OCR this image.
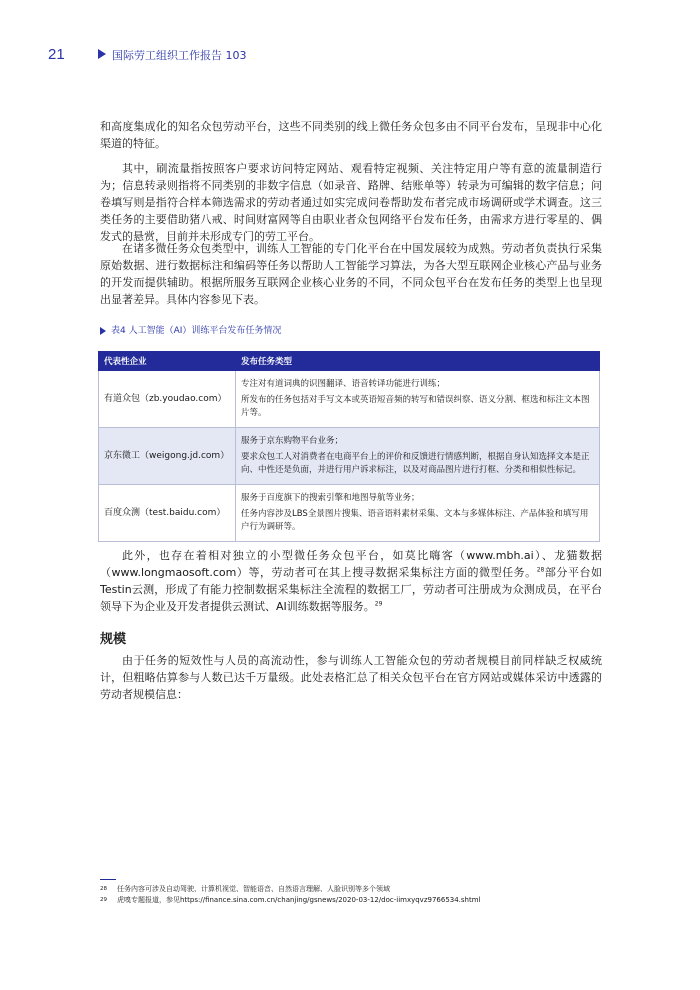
21	国际劳工组织工作报告 103

和高度集成化的知名众包劳动平台，这些不同类别的线上微任务众包多由不同平台发布，呈现非中心化渠道的特征。

其中，刷流量指按照客户要求访问特定网站、观看特定视频、关注特定用户等有意的流量制造行为；信息转录则指将不同类别的非数字信息（如录音、路牌、结账单等）转录为可编辑的数字信息；问卷填写则是指符合样本筛选需求的劳动者通过如实完成问卷帮助发布者完成市场调研或学术调查。这三类任务的主要借助猪八戒、时间财富网等自由职业者众包网络平台发布任务，由需求方进行零星的、偶发式的悬赏，目前并未形成专门的劳工平台。

在诸多微任务众包类型中，训练人工智能的专门化平台在中国发展较为成熟。劳动者负责执行采集原始数据、进行数据标注和编码等任务以帮助人工智能学习算法，为各大型互联网企业核心产品与业务的开发而提供辅助。根据所服务互联网企业核心业务的不同，不同众包平台在发布任务的类型上也呈现出显著差异。具体内容参见下表。

表4 人工智能（AI）训练平台发布任务情况
代表性企业	发布任务类型
有道众包（zb.youdao.com）	专注对有道词典的识图翻译、语音转译功能进行训练；

所发布的任务包括对手写文本或英语短音频的转写和错误纠察、语义分割、框选和标注文本图片等。

京东微工（weigong.jd.com）	服务于京东购物平台业务；

要求众包工人对消费者在电商平台上的评价和反馈进行情感判断，根据自身认知选择文本是正向、中性还是负面，并进行用户诉求标注，以及对商品图片进行打框、分类和相似性标记。

百度众测（test.baidu.com）	服务于百度旗下的搜索引擎和地图导航等业务；

任务内容涉及LBS全景图片搜集、语音语料素材采集、文本与多媒体标注、产品体验和填写用户行为调研等。

此外，也存在着相对独立的小型微任务众包平台，如莫比嗨客（www.mbh.ai）、龙猫数据（www.longmaosoft.com）等，劳动者可在其上搜寻数据采集标注方面的微型任务。$^{28}$部分平台如Testin云测，形成了有能力控制数据采集标注全流程的数据工厂，劳动者可注册成为众测成员，在平台领导下为企业及开发者提供云测试、AI训练数据等服务。$^{29}$

规模

由于任务的短效性与人员的高流动性，参与训练人工智能众包的劳动者规模目前同样缺乏权威统计，但粗略估算参与人数已达千万量级。此处表格汇总了相关众包平台在官方网站或媒体采访中透露的劳动者规模信息：

28	任务内容可涉及自动驾驶、计算机视觉、智能语音、自然语言理解、人脸识别等多个领域
29	虎嗅专题报道，参见https://finance.sina.com.cn/chanjing/gsnews/2020-03-12/doc-iimxyqvz9766534.shtml
